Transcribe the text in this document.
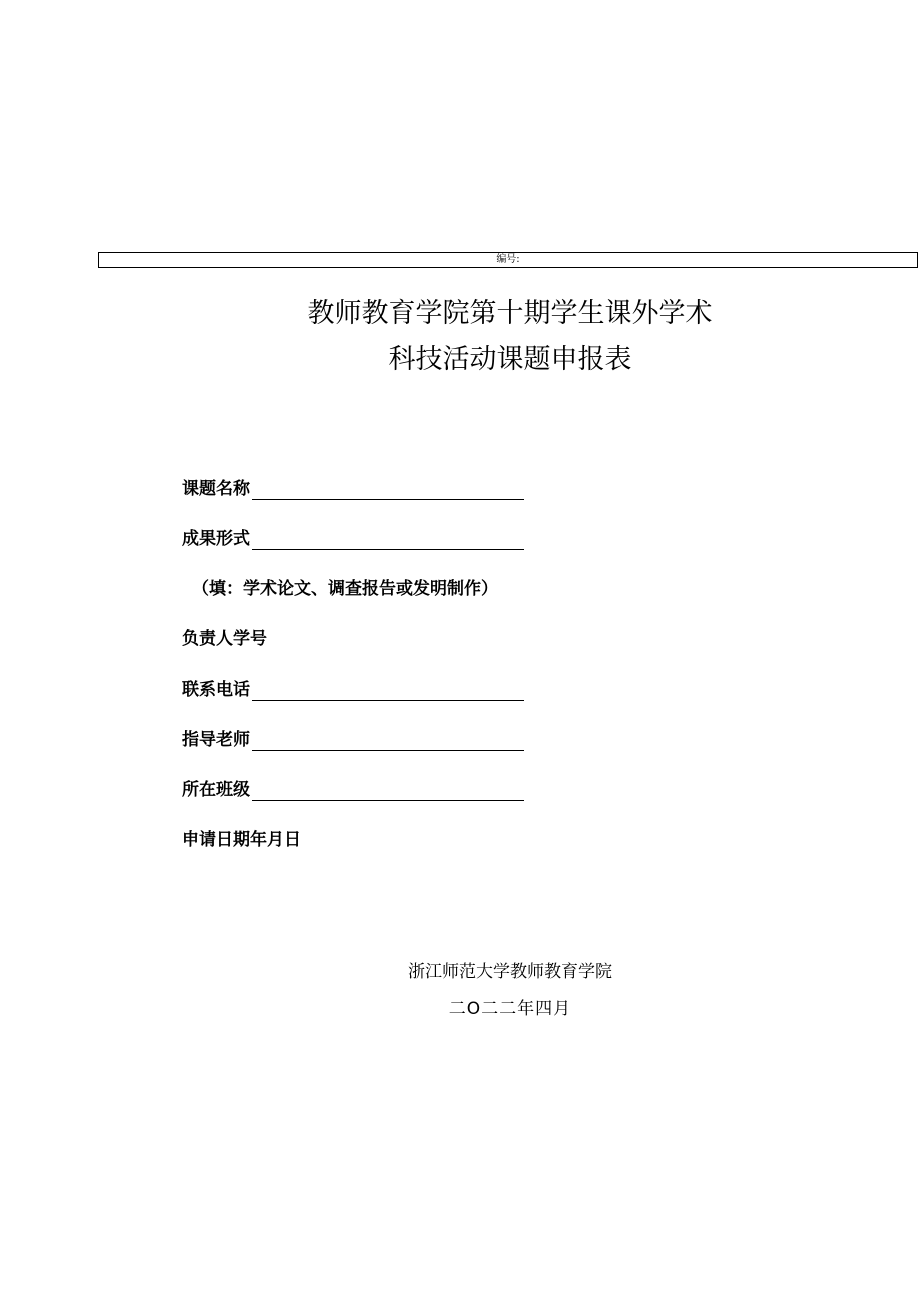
编号:
教师教育学院第十期学生课外学术
科技活动课题申报表
课题名称
成果形式
（填：学术论文、调查报告或发明制作）
负责人学号
联系电话
指导老师
所在班级
申请日期年月日
浙江师范大学教师教育学院
二O二二年四月
